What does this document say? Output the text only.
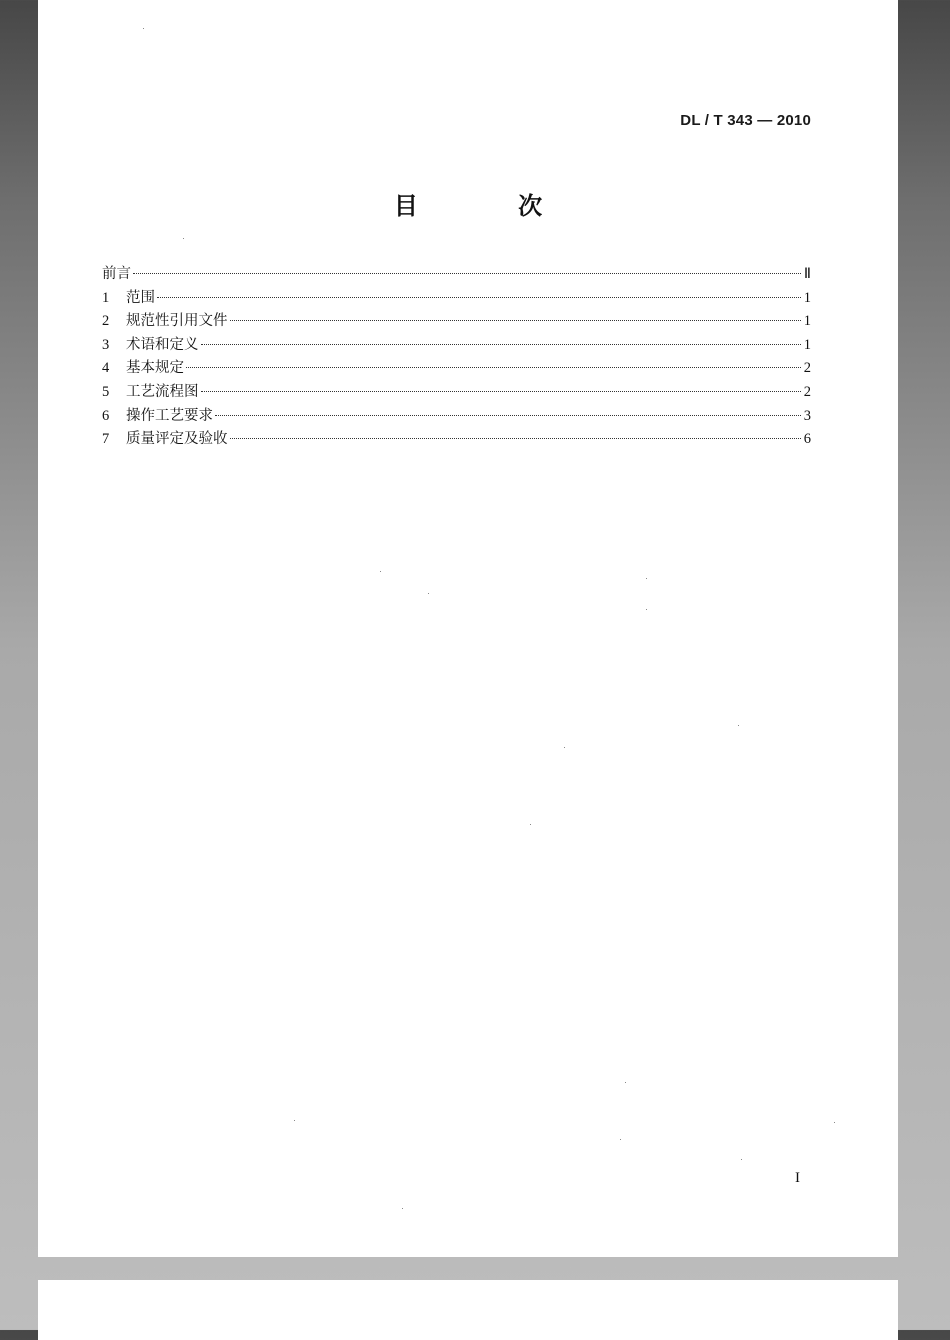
DL / T 343 — 2010
目 次
前言	Ⅱ
1	范围	1
2	规范性引用文件	1
3	术语和定义	1
4	基本规定	2
5	工艺流程图	2
6	操作工艺要求	3
7	质量评定及验收	6
I
